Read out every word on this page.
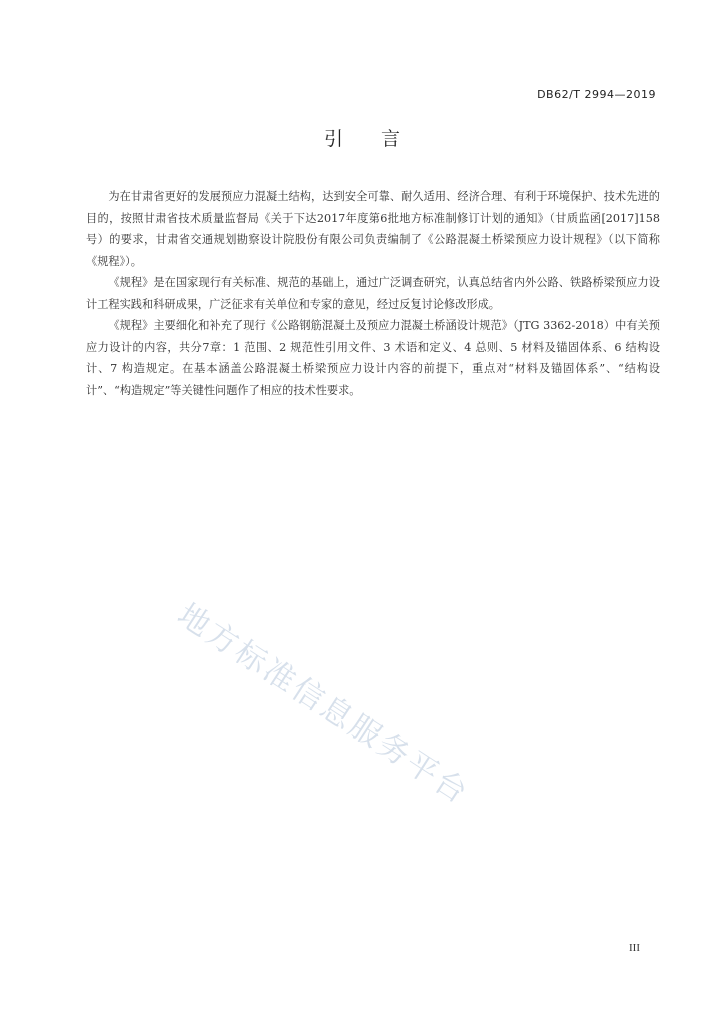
DB62/T 2994—2019
引言

为在甘肃省更好的发展预应力混凝土结构，达到安全可靠、耐久适用、经济合理、有利于环境保护、技术先进的目的，按照甘肃省技术质量监督局《关于下达2017年度第6批地方标准制修订计划的通知》（甘质监函[2017]158号）的要求，甘肃省交通规划勘察设计院股份有限公司负责编制了《公路混凝土桥梁预应力设计规程》（以下简称《规程》）。

《规程》是在国家现行有关标准、规范的基础上，通过广泛调查研究，认真总结省内外公路、铁路桥梁预应力设计工程实践和科研成果，广泛征求有关单位和专家的意见，经过反复讨论修改形成。

《规程》主要细化和补充了现行《公路钢筋混凝土及预应力混凝土桥涵设计规范》（JTG 3362-2018）中有关预应力设计的内容，共分7章：1 范围、2 规范性引用文件、3 术语和定义、4 总则、5 材料及锚固体系、6 结构设计、7 构造规定。在基本涵盖公路混凝土桥梁预应力设计内容的前提下，重点对“材料及锚固体系”、“结构设计”、“构造规定”等关键性问题作了相应的技术性要求。

地方标准信息服务平台
III
